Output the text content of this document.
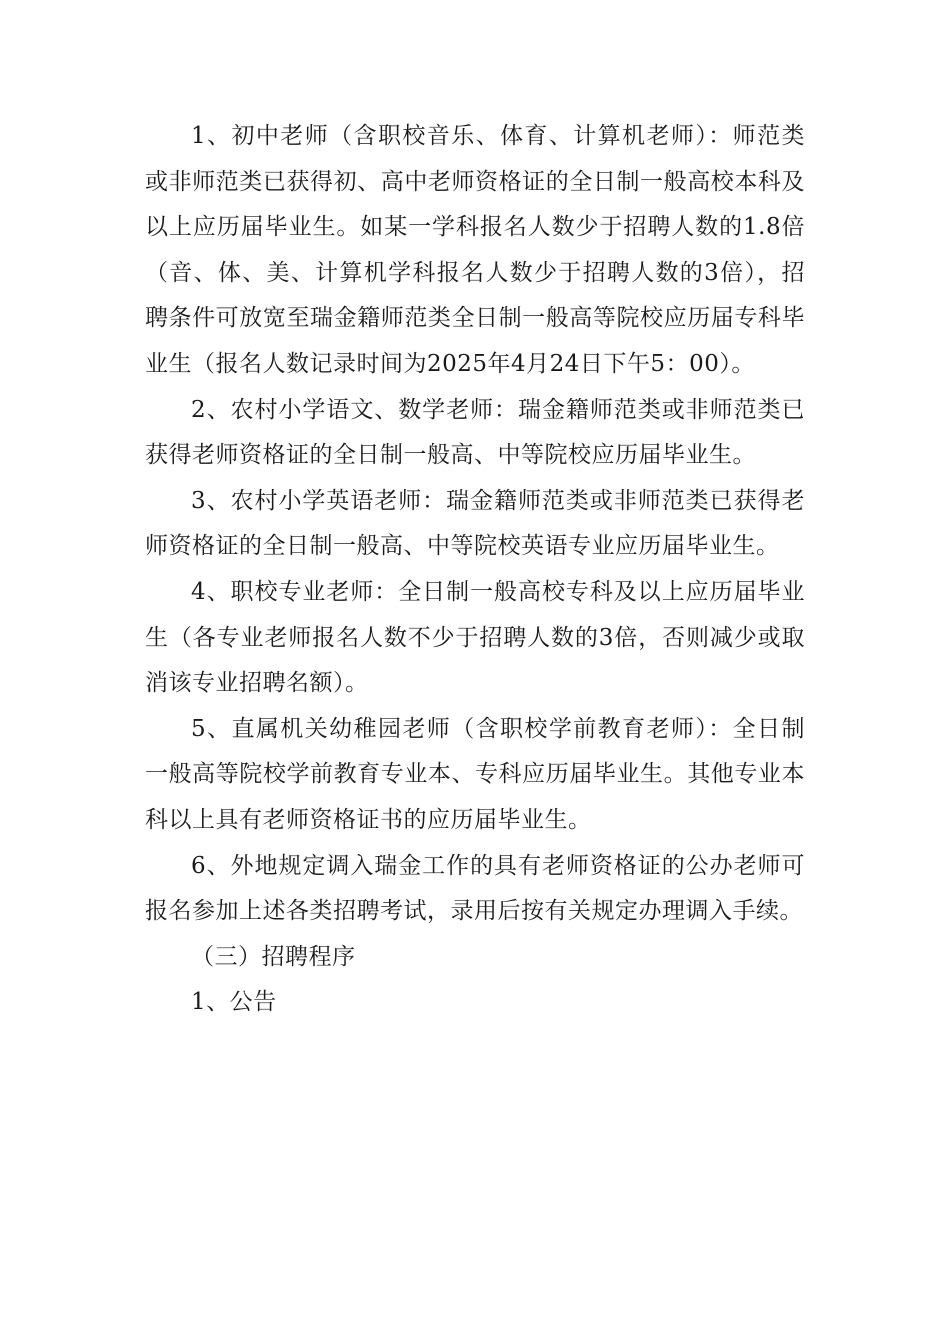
1、初中老师（含职校音乐、体育、计算机老师）：师范类或非师范类已获得初、高中老师资格证的全日制一般高校本科及以上应历届毕业生。如某一学科报名人数少于招聘人数的1.8倍（音、体、美、计算机学科报名人数少于招聘人数的3倍），招聘条件可放宽至瑞金籍师范类全日制一般高等院校应历届专科毕业生（报名人数记录时间为2025年4月24日下午5：00）。

2、农村小学语文、数学老师：瑞金籍师范类或非师范类已获得老师资格证的全日制一般高、中等院校应历届毕业生。

3、农村小学英语老师：瑞金籍师范类或非师范类已获得老师资格证的全日制一般高、中等院校英语专业应历届毕业生。

4、职校专业老师：全日制一般高校专科及以上应历届毕业生（各专业老师报名人数不少于招聘人数的3倍，否则减少或取消该专业招聘名额）。

5、直属机关幼稚园老师（含职校学前教育老师）：全日制一般高等院校学前教育专业本、专科应历届毕业生。其他专业本科以上具有老师资格证书的应历届毕业生。

6、外地规定调入瑞金工作的具有老师资格证的公办老师可报名参加上述各类招聘考试，录用后按有关规定办理调入手续。

（三）招聘程序

1、公告
